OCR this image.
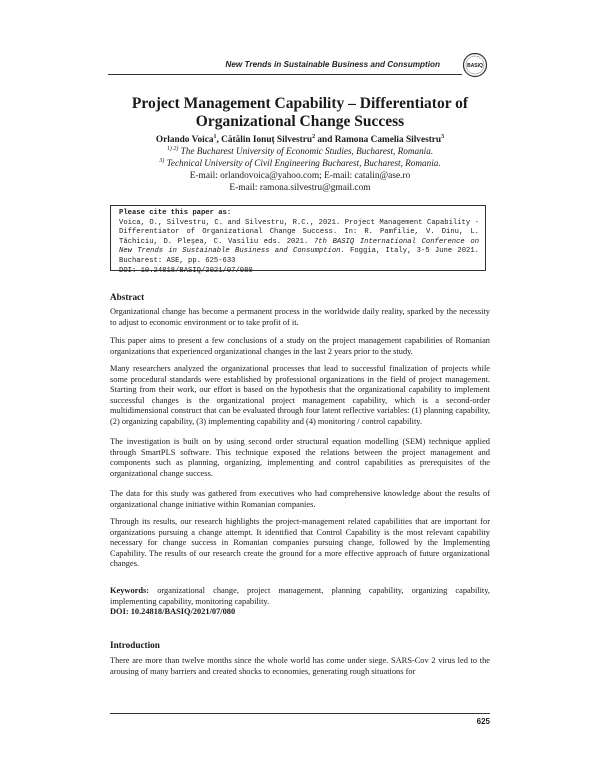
New Trends in Sustainable Business and Consumption	BASIQ
Project Management Capability – Differentiator of Organizational Change Success
Orlando Voica$^1$, Cătălin Ionuț Silvestru$^2$ and Ramona Camelia Silvestru$^3$
$^{1) 2)}$ The Bucharest University of Economic Studies, Bucharest, Romania.
$^{3)}$ Technical University of Civil Engineering Bucharest, Bucharest, Romania.
E-mail: orlandovoica@yahoo.com; E-mail: catalin@ase.ro
E-mail: ramona.silvestru@gmail.com
Please cite this paper as:
Voica, O., Silvestru, C. and Silvestru, R.C., 2021. Project Management Capability - Differentiator of Organizational Change Success. In: R. Pamfilie, V. Dinu, L. Tăchiciu, D. Pleşea, C. Vasiliu eds. 2021. 7th BASIQ International Conference on New Trends in Sustainable Business and Consumption. Foggia, Italy, 3-5 June 2021. Bucharest: ASE, pp. 625-633
DOI: 10.24818/BASIQ/2021/07/080
Abstract
Organizational change has become a permanent process in the worldwide daily reality, sparked by the necessity to adjust to economic environment or to take profit of it.
This paper aims to present a few conclusions of a study on the project management capabilities of Romanian organizations that experienced organizational changes in the last 2 years prior to the study.
Many researchers analyzed the organizational processes that lead to successful finalization of projects while some procedural standards were established by professional organizations in the field of project management. Starting from their work, our effort is based on the hypothesis that the organizational capability to implement successful changes is the organizational project management capability, which is a second-order multidimensional construct that can be evaluated through four latent reflective variables: (1) planning capability, (2) organizing capability, (3) implementing capability and (4) monitoring / control capability.
The investigation is built on by using second order structural equation modelling (SEM) technique applied through SmartPLS software. This technique exposed the relations between the project management and components such as planning, organizing, implementing and control capabilities as prerequisites of the organizational change success.
The data for this study was gathered from executives who had comprehensive knowledge about the results of organizational change initiative within Romanian companies.
Through its results, our research highlights the project-management related capabilities that are important for organizations pursuing a change attempt. It identified that Control Capability is the most relevant capability necessary for change success in Romanian companies pursuing change, followed by the Implementing Capability. The results of our research create the ground for a more effective approach of future organizational changes.
Keywords: organizational change, project management, planning capability, organizing capability, implementing capability, monitoring capability.
DOI: 10.24818/BASIQ/2021/07/080
Introduction
There are more than twelve months since the whole world has come under siege. SARS-Cov 2 virus led to the arousing of many barriers and created shocks to economies, generating rough situations for
625
